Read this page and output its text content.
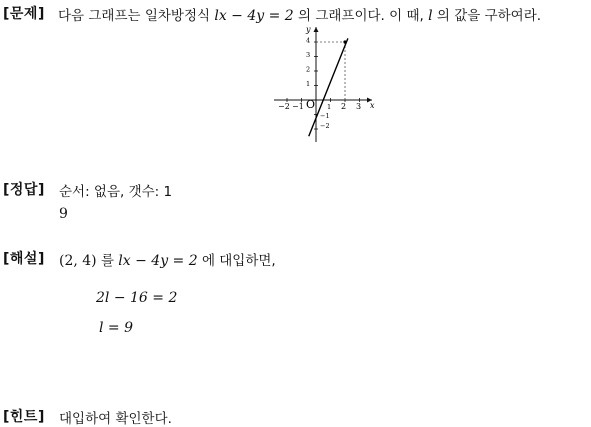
[문제] 다음 그래프는 일차방정식 lx − 4y = 2 의 그래프이다. 이 때, l 의 값을 구하여라.
O	x
y
−2 −1	1 2 3
4
3
2
1
−1
−2
[정답] 순서: 없음, 갯수: 1
9
[해설] (2, 4) 를 lx − 4y = 2 에 대입하면,
2l − 16 = 2
l = 9
[힌트] 대입하여 확인한다.
